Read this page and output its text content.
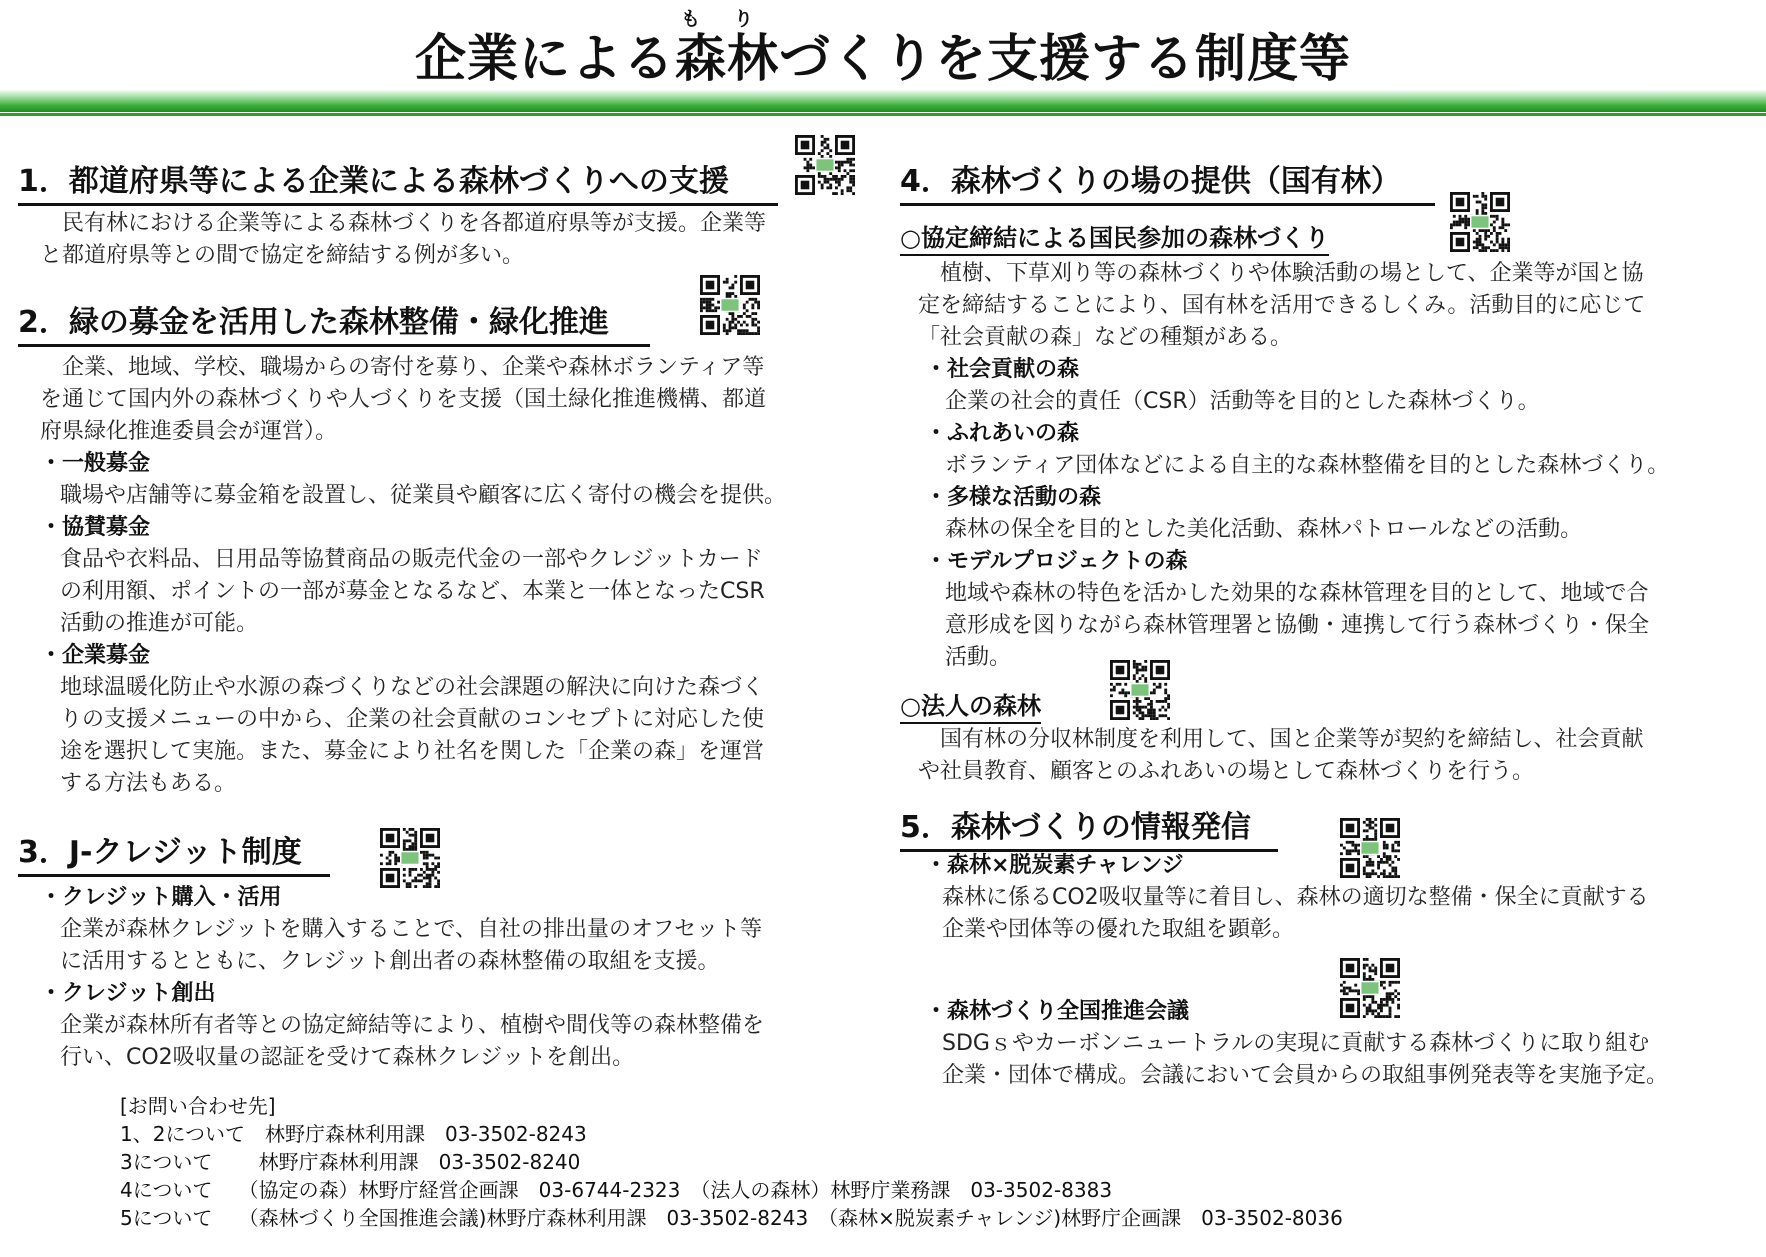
も り
企業による森林づくりを支援する制度等
1．都道府県等による企業による森林づくりへの支援
　民有林における企業等による森林づくりを各都道府県等が支援。企業等
と都道府県等との間で協定を締結する例が多い。
2．緑の募金を活用した森林整備・緑化推進
　企業、地域、学校、職場からの寄付を募り、企業や森林ボランティア等
を通じて国内外の森林づくりや人づくりを支援（国土緑化推進機構、都道
府県緑化推進委員会が運営）。
・一般募金
職場や店舗等に募金箱を設置し、従業員や顧客に広く寄付の機会を提供。
・協賛募金
食品や衣料品、日用品等協賛商品の販売代金の一部やクレジットカード
の利用額、ポイントの一部が募金となるなど、本業と一体となったCSR
活動の推進が可能。
・企業募金
地球温暖化防止や水源の森づくりなどの社会課題の解決に向けた森づく
りの支援メニューの中から、企業の社会貢献のコンセプトに対応した使
途を選択して実施。また、募金により社名を関した「企業の森」を運営
する方法もある。
3．J-クレジット制度
・クレジット購入・活用
企業が森林クレジットを購入することで、自社の排出量のオフセット等
に活用するとともに、クレジット創出者の森林整備の取組を支援。
・クレジット創出
企業が森林所有者等との協定締結等により、植樹や間伐等の森林整備を
行い、CO2吸収量の認証を受けて森林クレジットを創出。
[お問い合わせ先]
1、2について　林野庁森林利用課　03-3502-8243
3について　　 林野庁森林利用課　03-3502-8240
4について　 （協定の森）林野庁経営企画課　03-6744-2323　（法人の森林）林野庁業務課　03-3502-8383
5について　 （森林づくり全国推進会議)林野庁森林利用課　03-3502-8243　（森林×脱炭素チャレンジ)林野庁企画課　03-3502-8036
4．森林づくりの場の提供（国有林）
○協定締結による国民参加の森林づくり
　植樹、下草刈り等の森林づくりや体験活動の場として、企業等が国と協
定を締結することにより、国有林を活用できるしくみ。活動目的に応じて
「社会貢献の森」などの種類がある。
・社会貢献の森
企業の社会的責任（CSR）活動等を目的とした森林づくり。
・ふれあいの森
ボランティア団体などによる自主的な森林整備を目的とした森林づくり。
・多様な活動の森
森林の保全を目的とした美化活動、森林パトロールなどの活動。
・モデルプロジェクトの森
地域や森林の特色を活かした効果的な森林管理を目的として、地域で合
意形成を図りながら森林管理署と協働・連携して行う森林づくり・保全
活動。
○法人の森林
　国有林の分収林制度を利用して、国と企業等が契約を締結し、社会貢献
や社員教育、顧客とのふれあいの場として森林づくりを行う。
5．森林づくりの情報発信
・森林×脱炭素チャレンジ
森林に係るCO2吸収量等に着目し、森林の適切な整備・保全に貢献する
企業や団体等の優れた取組を顕彰。
・森林づくり全国推進会議
SDGｓやカーボンニュートラルの実現に貢献する森林づくりに取り組む
企業・団体で構成。会議において会員からの取組事例発表等を実施予定。
